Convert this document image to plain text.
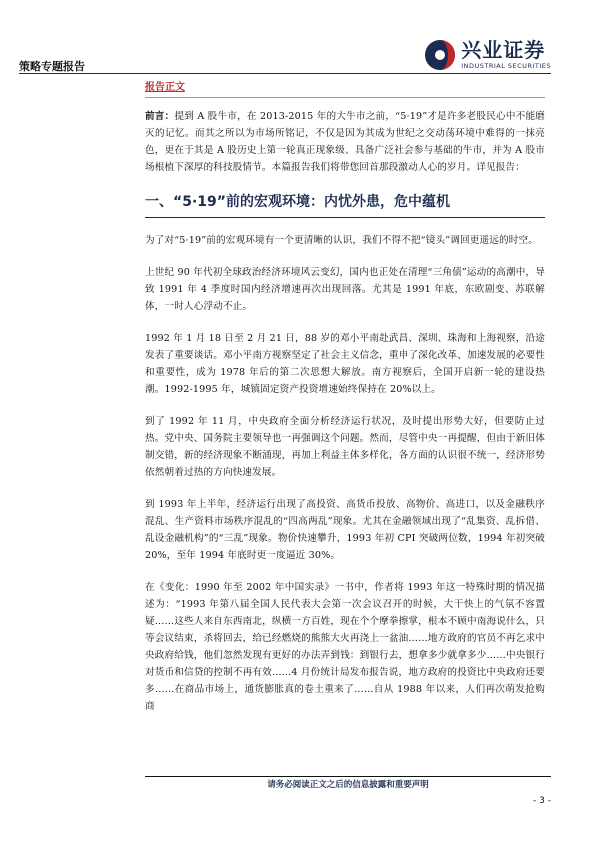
策略专题报告
兴业证券
INDUSTRIAL SECURITIES
报告正文

前言：提到 A 股牛市，在 2013-2015 年的大牛市之前，“5·19”才是许多老股民心中不能磨灭的记忆。而其之所以为市场所铭记，不仅是因为其成为世纪之交动荡环境中难得的一抹亮色，更在于其是 A 股历史上第一轮真正现象级、具备广泛社会参与基础的牛市，并为 A 股市场根植下深厚的科技股情节。本篇报告我们将带您回首那段激动人心的岁月。详见报告：

一、“5·19”前的宏观环境：内忧外患，危中蕴机

为了对“5·19”前的宏观环境有一个更清晰的认识，我们不得不把“镜头”调回更遥远的时空。

上世纪 90 年代初全球政治经济环境风云变幻，国内也正处在清理“三角债”运动的高潮中，导致 1991 年 4 季度时国内经济增速再次出现回落。尤其是 1991 年底，东欧剧变、苏联解体，一时人心浮动不止。

1992 年 1 月 18 日至 2 月 21 日，88 岁的邓小平南赴武昌、深圳、珠海和上海视察，沿途发表了重要谈话。邓小平南方视察坚定了社会主义信念，重申了深化改革、加速发展的必要性和重要性，成为 1978 年后的第二次思想大解放。南方视察后，全国开启新一轮的建设热潮。1992-1995 年，城镇固定资产投资增速始终保持在 20%以上。

到了 1992 年 11 月，中央政府全面分析经济运行状况，及时提出形势大好，但要防止过热。党中央、国务院主要领导也一再强调这个问题。然而，尽管中央一再提醒，但由于新旧体制交错，新的经济现象不断涌现，再加上利益主体多样化，各方面的认识很不统一，经济形势依然朝着过热的方向快速发展。

到 1993 年上半年，经济运行出现了高投资、高货币投放、高物价、高进口，以及金融秩序混乱、生产资料市场秩序混乱的“四高两乱”现象。尤其在金融领域出现了“乱集资、乱拆借、乱设金融机构”的“三乱”现象。物价快速攀升，1993 年初 CPI 突破两位数，1994 年初突破 20%，至年 1994 年底时更一度逼近 30%。

在《变化：1990 年至 2002 年中国实录》一书中，作者将 1993 年这一特殊时期的情况描述为：“1993 年第八届全国人民代表大会第一次会议召开的时候，大干快上的气氛不容置疑……这些人来自东西南北，纵横一方百姓，现在个个摩拳擦掌，根本不顾中南海说什么，只等会议结束，杀将回去，给已经燃烧的熊熊大火再浇上一盆油……地方政府的官员不再乞求中央政府给钱，他们忽然发现有更好的办法弄到钱：到银行去，想拿多少就拿多少……中央银行对货币和信贷的控制不再有效……4 月份统计局发布报告说，地方政府的投资比中央政府还要多……在商品市场上，通货膨胀真的卷土重来了……自从 1988 年以来，人们再次萌发抢购商

请务必阅读正文之后的信息披露和重要声明
- 3 -
